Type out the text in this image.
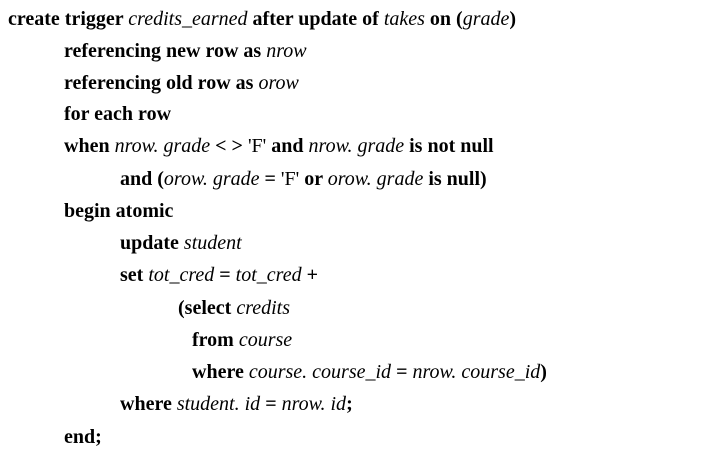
create trigger credits_earned after update of takes on (grade)
referencing new row as nrow
referencing old row as orow
for each row
when nrow. grade < > 'F' and nrow. grade is not null
and (orow. grade = 'F' or orow. grade is null)
begin atomic
update student
set tot_cred = tot_cred +
(select credits
from course
where course. course_id = nrow. course_id)
where student. id = nrow. id;
end;
